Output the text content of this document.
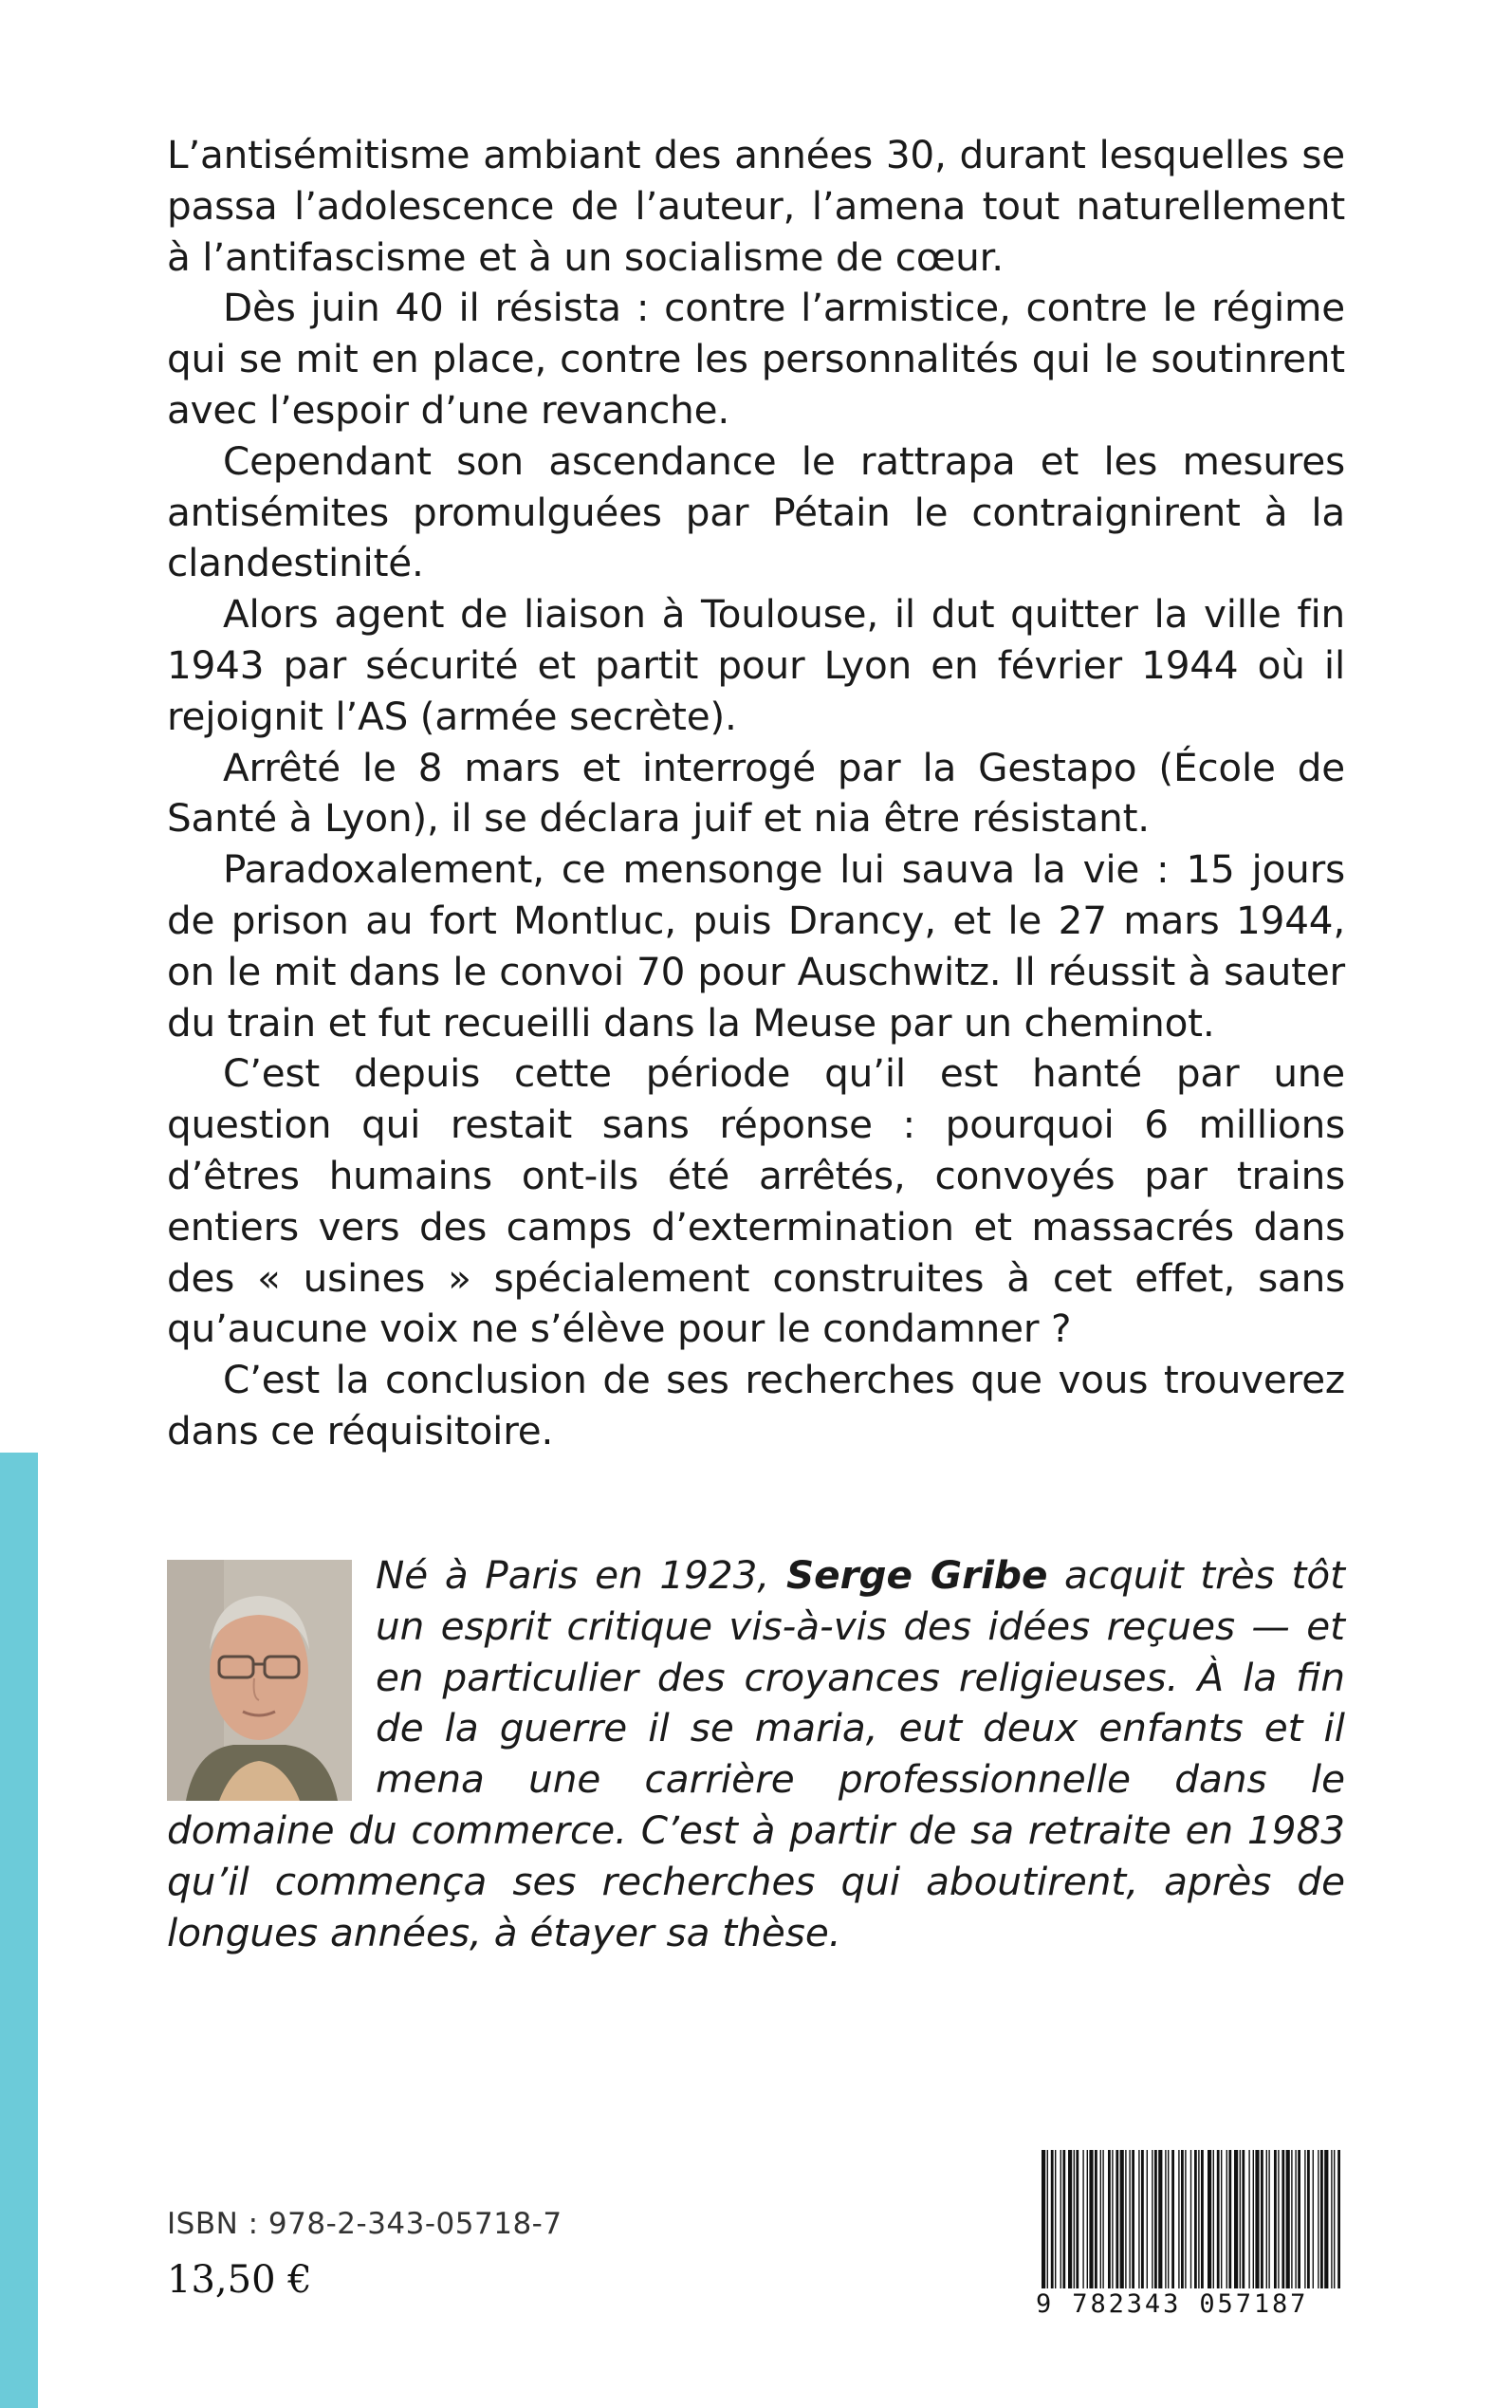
L’antisémitisme ambiant des années 30, durant lesquelles se passa l’adolescence de l’auteur, l’amena tout naturellement à l’antifascisme et à un socialisme de cœur.

Dès juin 40 il résista : contre l’armistice, contre le régime qui se mit en place, contre les personnalités qui le soutinrent avec l’espoir d’une revanche.

Cependant son ascendance le rattrapa et les mesures antisémites promulguées par Pétain le contraignirent à la clandestinité.

Alors agent de liaison à Toulouse, il dut quitter la ville fin 1943 par sécurité et partit pour Lyon en février 1944 où il rejoignit l’AS (armée secrète).

Arrêté le 8 mars et interrogé par la Gestapo (École de Santé à Lyon), il se déclara juif et nia être résistant.

Paradoxalement, ce mensonge lui sauva la vie : 15 jours de prison au fort Montluc, puis Drancy, et le 27 mars 1944, on le mit dans le convoi 70 pour Auschwitz. Il réussit à sauter du train et fut recueilli dans la Meuse par un cheminot.

C’est depuis cette période qu’il est hanté par une question qui restait sans réponse : pourquoi 6 millions d’êtres humains ont-ils été arrêtés, convoyés par trains entiers vers des camps d’extermination et massacrés dans des « usines » spécialement construites à cet effet, sans qu’aucune voix ne s’élève pour le condamner ?

C’est la conclusion de ses recherches que vous trouverez dans ce réquisitoire.

Né à Paris en 1923, Serge Gribe acquit très tôt un esprit critique vis-à-vis des idées reçues — et en particulier des croyances religieuses. À la fin de la guerre il se maria, eut deux enfants et il mena une carrière professionnelle dans le domaine du commerce. C’est à partir de sa retraite en 1983 qu’il commença ses recherches qui aboutirent, après de longues années, à étayer sa thèse.

ISBN : 978-2-343-05718-7
13,50 €
9 782343 057187
